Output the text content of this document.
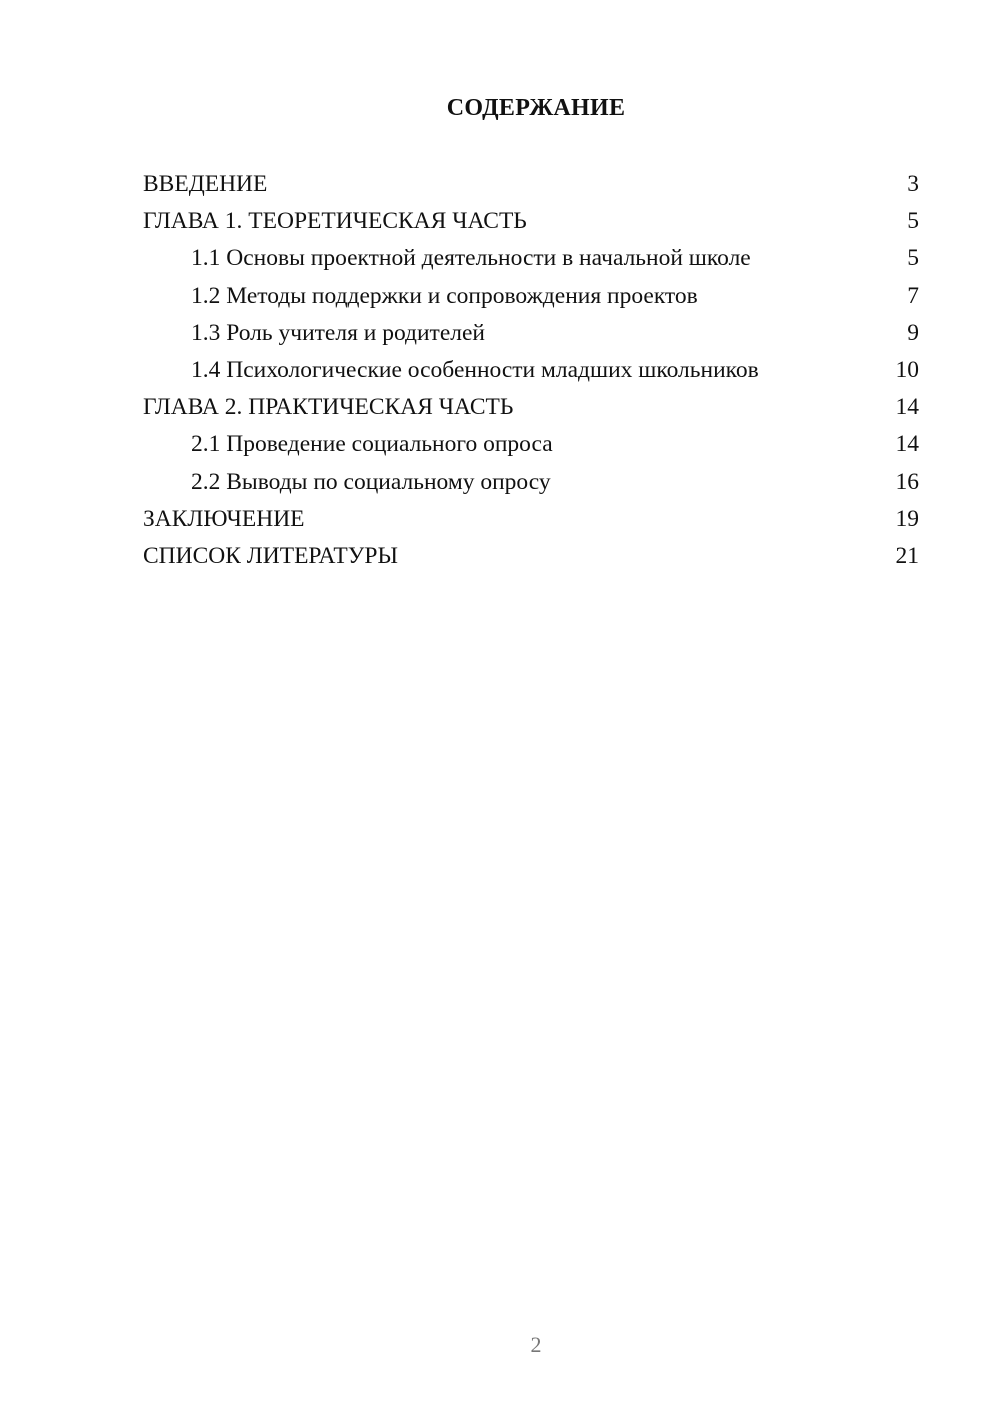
СОДЕРЖАНИЕ
ВВЕДЕНИЕ	3
ГЛАВА 1. ТЕОРЕТИЧЕСКАЯ ЧАСТЬ	5
1.1 Основы проектной деятельности в начальной школе	5
1.2 Методы поддержки и сопровождения проектов	7
1.3 Роль учителя и родителей	9
1.4 Психологические особенности младших школьников	10
ГЛАВА 2. ПРАКТИЧЕСКАЯ ЧАСТЬ	14
2.1 Проведение социального опроса	14
2.2 Выводы по социальному опросу	16
ЗАКЛЮЧЕНИЕ	19
СПИСОК ЛИТЕРАТУРЫ	21
2
